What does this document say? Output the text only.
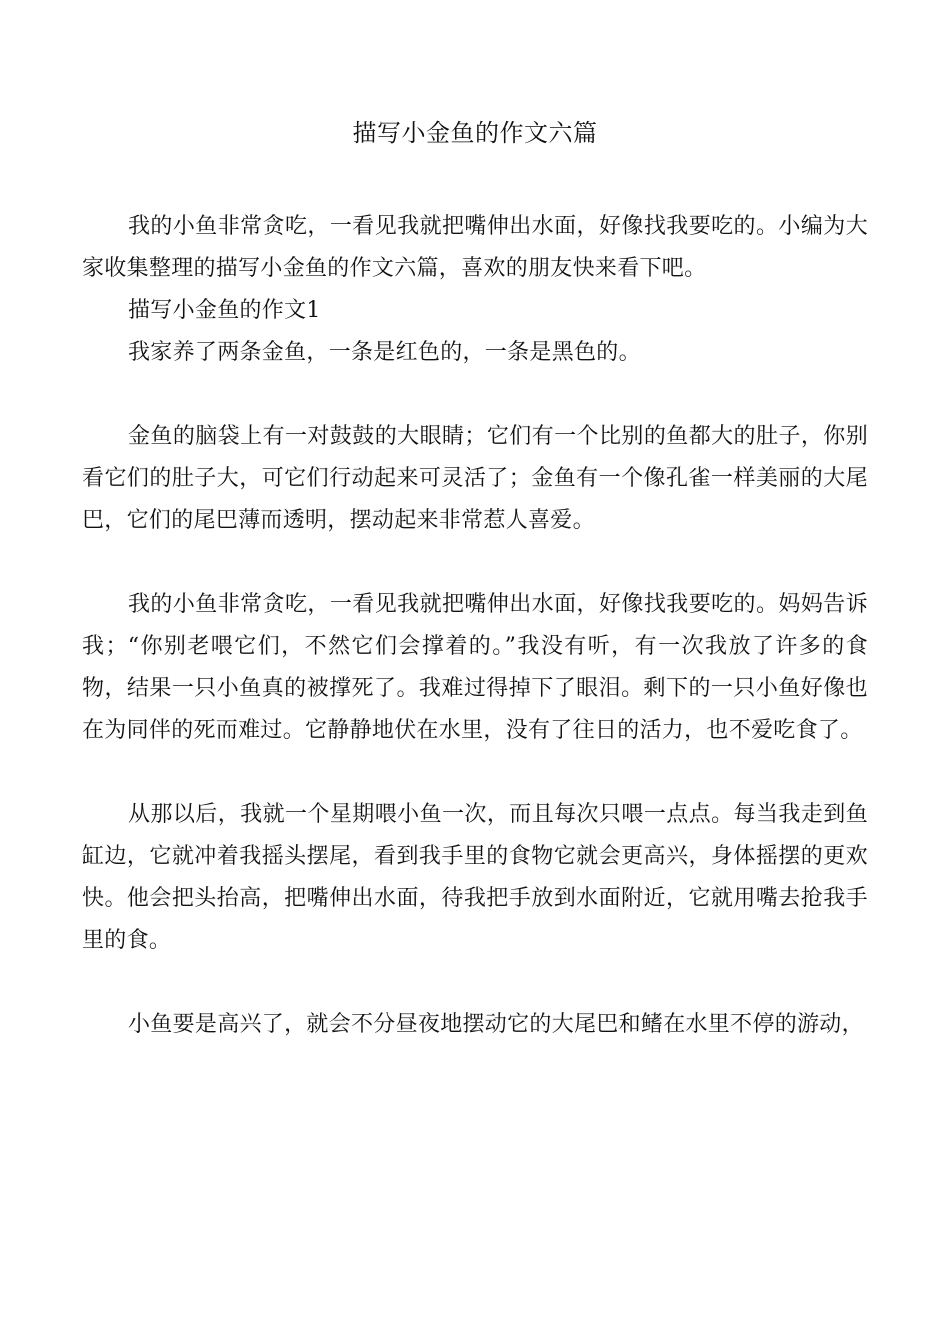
描写小金鱼的作文六篇

我的小鱼非常贪吃，一看见我就把嘴伸出水面，好像找我要吃的。小编为大家收集整理的描写小金鱼的作文六篇，喜欢的朋友快来看下吧。

描写小金鱼的作文1

我家养了两条金鱼，一条是红色的，一条是黑色的。

金鱼的脑袋上有一对鼓鼓的大眼睛；它们有一个比别的鱼都大的肚子，你别看它们的肚子大，可它们行动起来可灵活了；金鱼有一个像孔雀一样美丽的大尾巴，它们的尾巴薄而透明，摆动起来非常惹人喜爱。

我的小鱼非常贪吃，一看见我就把嘴伸出水面，好像找我要吃的。妈妈告诉我；“你别老喂它们，不然它们会撑着的。”我没有听，有一次我放了许多的食物，结果一只小鱼真的被撑死了。我难过得掉下了眼泪。剩下的一只小鱼好像也在为同伴的死而难过。它静静地伏在水里，没有了往日的活力，也不爱吃食了。

从那以后，我就一个星期喂小鱼一次，而且每次只喂一点点。每当我走到鱼缸边，它就冲着我摇头摆尾，看到我手里的食物它就会更高兴，身体摇摆的更欢快。他会把头抬高，把嘴伸出水面，待我把手放到水面附近，它就用嘴去抢我手里的食。

小鱼要是高兴了，就会不分昼夜地摆动它的大尾巴和鳍在水里不停的游动，
